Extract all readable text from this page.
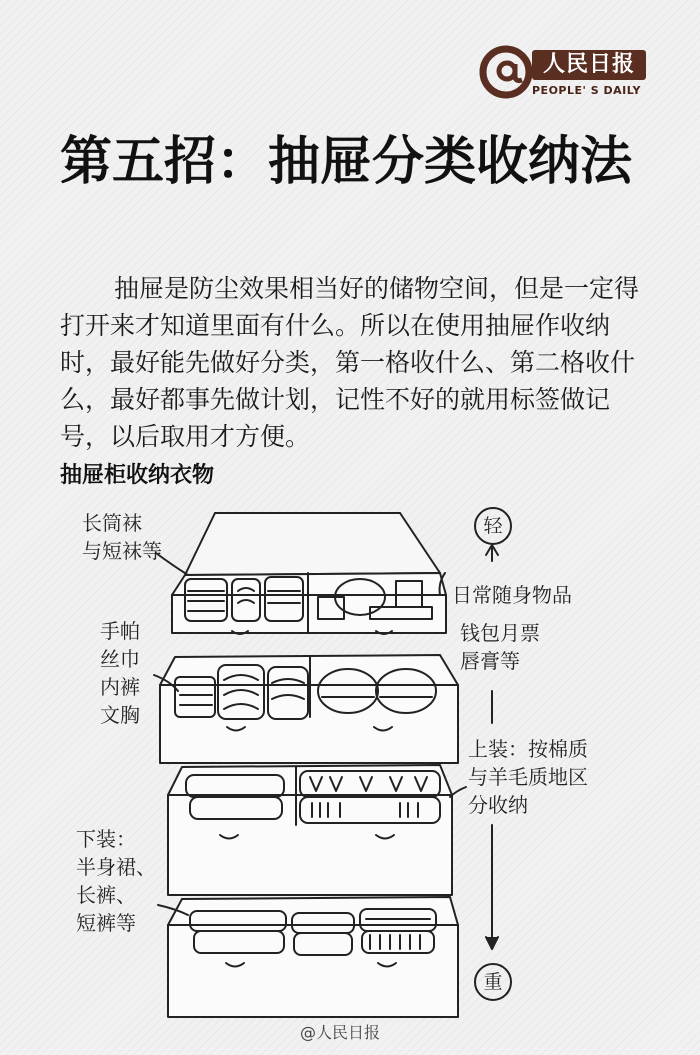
人民日报
PEOPLE' S DAILY
第五招：抽屉分类收纳法

抽屉是防尘效果相当好的储物空间，但是一定得打开来才知道里面有什么。所以在使用抽屉作收纳时，最好能先做好分类，第一格收什么、第二格收什么，最好都事先做计划，记性不好的就用标签做记号，以后取用才方便。

抽屉柜收纳衣物
长筒袜
与短袜等
手帕
丝巾
内裤
文胸
日常随身物品
钱包月票
唇膏等
上装：按棉质
与羊毛质地区
分收纳
下装：
半身裙、
长裤、
短裤等
轻
重
@人民日报
